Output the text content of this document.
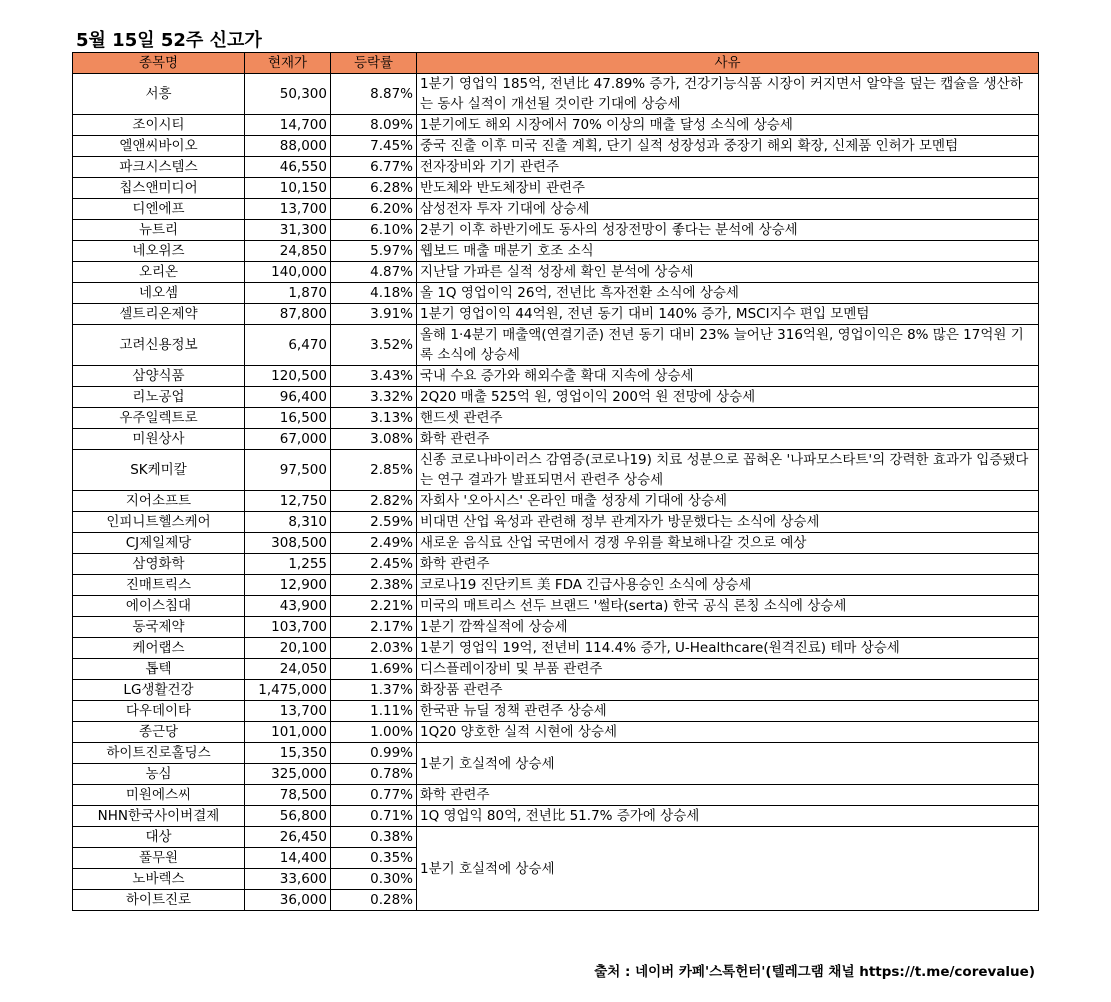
5월 15일 52주 신고가
종목명	현재가	등락률	사유
서흥	50,300	8.87%	1분기 영업익 185억, 전년比 47.89% 증가, 건강기능식품 시장이 커지면서 알약을 덮는 캡슐을 생산하는 동사 실적이 개선될 것이란 기대에 상승세
조이시티	14,700	8.09%	1분기에도 해외 시장에서 70% 이상의 매출 달성 소식에 상승세
엘앤씨바이오	88,000	7.45%	중국 진출 이후 미국 진출 계획, 단기 실적 성장성과 중장기 해외 확장, 신제품 인허가 모멘텀
파크시스템스	46,550	6.77%	전자장비와 기기 관련주
칩스앤미디어	10,150	6.28%	반도체와 반도체장비 관련주
디엔에프	13,700	6.20%	삼성전자 투자 기대에 상승세
뉴트리	31,300	6.10%	2분기 이후 하반기에도 동사의 성장전망이 좋다는 분석에 상승세
네오위즈	24,850	5.97%	웹보드 매출 매분기 호조 소식
오리온	140,000	4.87%	지난달 가파른 실적 성장세 확인 분석에 상승세
네오셈	1,870	4.18%	올 1Q 영업이익 26억, 전년比 흑자전환 소식에 상승세
셀트리온제약	87,800	3.91%	1분기 영업이익 44억원, 전년 동기 대비 140% 증가, MSCI지수 편입 모멘텀
고려신용정보	6,470	3.52%	올해 1·4분기 매출액(연결기준) 전년 동기 대비 23% 늘어난 316억원, 영업이익은 8% 많은 17억원 기록 소식에 상승세
삼양식품	120,500	3.43%	국내 수요 증가와 해외수출 확대 지속에 상승세
리노공업	96,400	3.32%	2Q20 매출 525억 원, 영업이익 200억 원 전망에 상승세
우주일렉트로	16,500	3.13%	핸드셋 관련주
미원상사	67,000	3.08%	화학 관련주
SK케미칼	97,500	2.85%	신종 코로나바이러스 감염증(코로나19) 치료 성분으로 꼽혀온 '나파모스타트'의 강력한 효과가 입증됐다는 연구 결과가 발표되면서 관련주 상승세
지어소프트	12,750	2.82%	자회사 '오아시스' 온라인 매출 성장세 기대에 상승세
인피니트헬스케어	8,310	2.59%	비대면 산업 육성과 관련해 정부 관계자가 방문했다는 소식에 상승세
CJ제일제당	308,500	2.49%	새로운 음식료 산업 국면에서 경쟁 우위를 확보해나갈 것으로 예상
삼영화학	1,255	2.45%	화학 관련주
진매트릭스	12,900	2.38%	코로나19 진단키트 美 FDA 긴급사용승인 소식에 상승세
에이스침대	43,900	2.21%	미국의 매트리스 선두 브랜드 '썰타(serta) 한국 공식 론칭 소식에 상승세
동국제약	103,700	2.17%	1분기 깜짝실적에 상승세
케어랩스	20,100	2.03%	1분기 영업익 19억, 전년비 114.4% 증가, U-Healthcare(원격진료) 테마 상승세
톱텍	24,050	1.69%	디스플레이장비 및 부품 관련주
LG생활건강	1,475,000	1.37%	화장품 관련주
다우데이타	13,700	1.11%	한국판 뉴딜 정책 관련주 상승세
종근당	101,000	1.00%	1Q20 양호한 실적 시현에 상승세
하이트진로홀딩스	15,350	0.99%	1분기 호실적에 상승세
농심	325,000	0.78%	
미원에스씨	78,500	0.77%	화학 관련주
NHN한국사이버결제	56,800	0.71%	1Q 영업익 80억, 전년比 51.7% 증가에 상승세
대상	26,450	0.38%	1분기 호실적에 상승세
풀무원	14,400	0.35%	
노바렉스	33,600	0.30%	
하이트진로	36,000	0.28%	
출처 : 네이버 카페'스톡헌터'(텔레그램 채널 https://t.me/corevalue)
